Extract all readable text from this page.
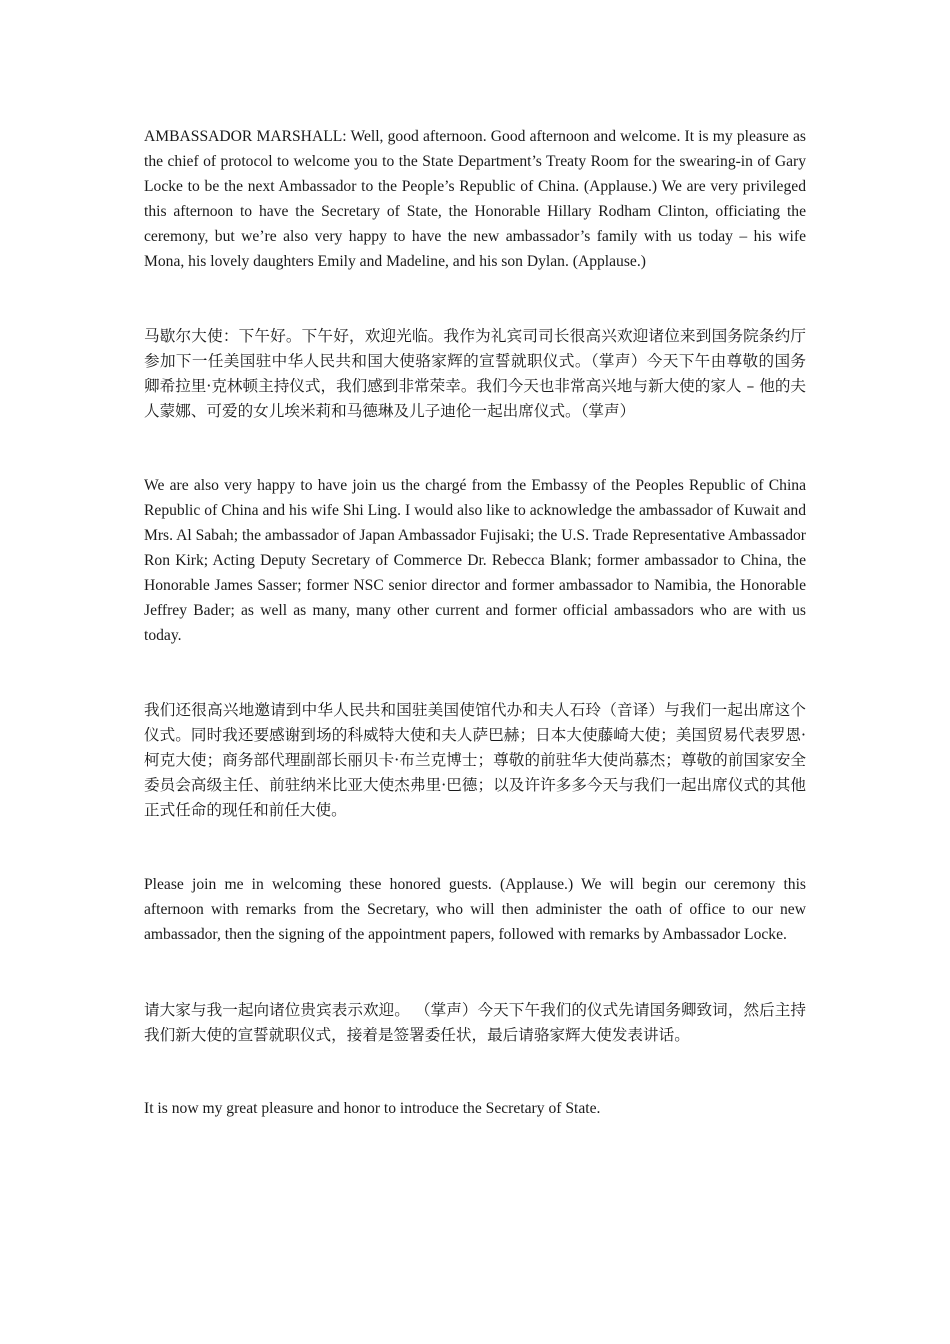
AMBASSADOR MARSHALL: Well, good afternoon. Good afternoon and welcome. It is my pleasure as the chief of protocol to welcome you to the State Department’s Treaty Room for the swearing-in of Gary Locke to be the next Ambassador to the People’s Republic of China. (Applause.) We are very privileged this afternoon to have the Secretary of State, the Honorable Hillary Rodham Clinton, officiating the ceremony, but we’re also very happy to have the new ambassador’s family with us today – his wife Mona, his lovely daughters Emily and Madeline, and his son Dylan. (Applause.)

马歇尔大使：下午好。下午好，欢迎光临。我作为礼宾司司长很高兴欢迎诸位来到国务院条约厅参加下一任美国驻中华人民共和国大使骆家辉的宣誓就职仪式。（掌声）今天下午由尊敬的国务卿希拉里·克林顿主持仪式，我们感到非常荣幸。我们今天也非常高兴地与新大使的家人 – 他的夫人蒙娜、可爱的女儿埃米莉和马德琳及儿子迪伦一起出席仪式。（掌声）

We are also very happy to have join us the chargé from the Embassy of the Peoples Republic of China Republic of China and his wife Shi Ling. I would also like to acknowledge the ambassador of Kuwait and Mrs. Al Sabah; the ambassador of Japan Ambassador Fujisaki; the U.S. Trade Representative Ambassador Ron Kirk; Acting Deputy Secretary of Commerce Dr. Rebecca Blank; former ambassador to China, the Honorable James Sasser; former NSC senior director and former ambassador to Namibia, the Honorable Jeffrey Bader; as well as many, many other current and former official ambassadors who are with us today.

我们还很高兴地邀请到中华人民共和国驻美国使馆代办和夫人石玲（音译）与我们一起出席这个仪式。同时我还要感谢到场的科威特大使和夫人萨巴赫；日本大使藤崎大使；美国贸易代表罗恩·柯克大使；商务部代理副部长丽贝卡·布兰克博士；尊敬的前驻华大使尚慕杰；尊敬的前国家安全委员会高级主任、前驻纳米比亚大使杰弗里·巴德；以及许许多多今天与我们一起出席仪式的其他正式任命的现任和前任大使。

Please join me in welcoming these honored guests. (Applause.) We will begin our ceremony this afternoon with remarks from the Secretary, who will then administer the oath of office to our new ambassador, then the signing of the appointment papers, followed with remarks by Ambassador Locke.

请大家与我一起向诸位贵宾表示欢迎。 （掌声）今天下午我们的仪式先请国务卿致词，然后主持我们新大使的宣誓就职仪式，接着是签署委任状，最后请骆家辉大使发表讲话。

It is now my great pleasure and honor to introduce the Secretary of State.
